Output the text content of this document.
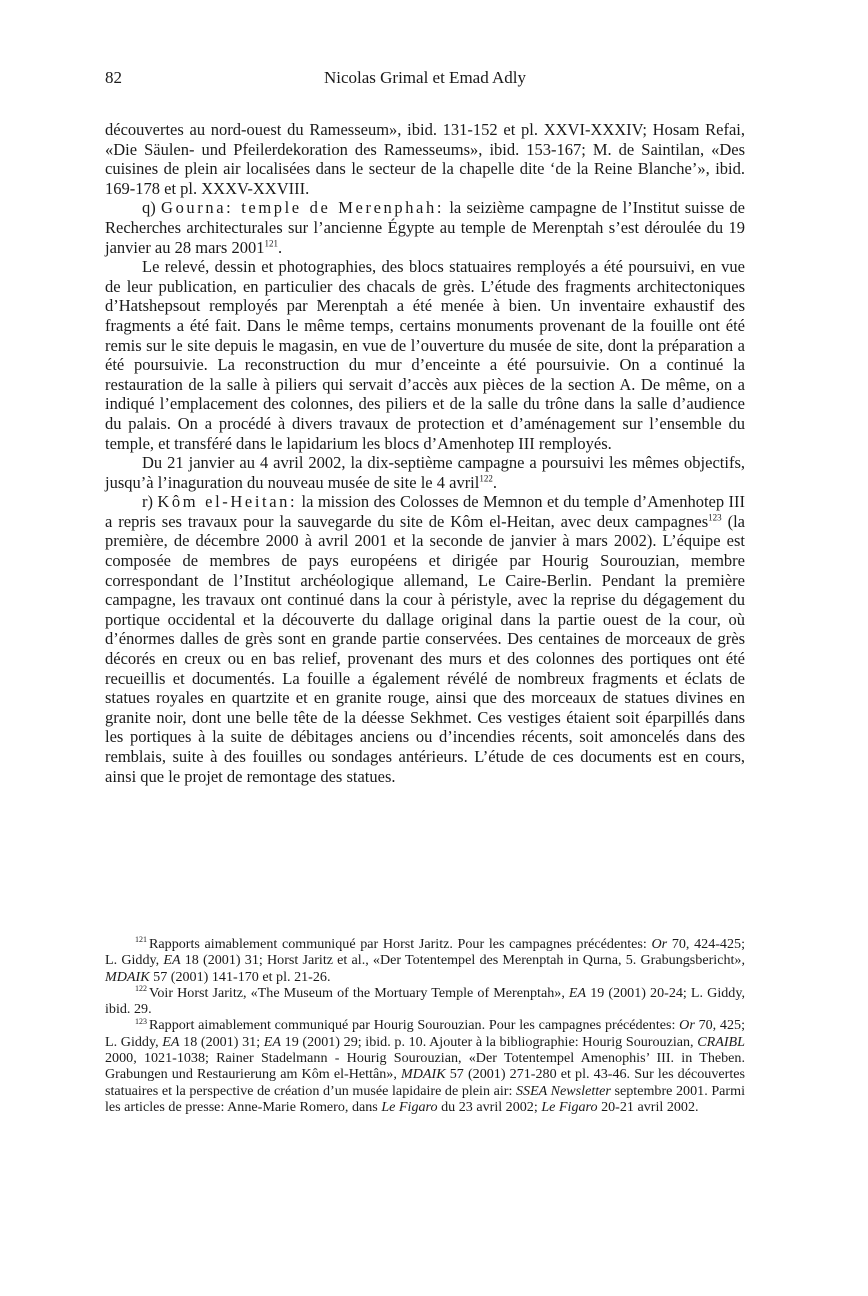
82	Nicolas Grimal et Emad Adly

découvertes au nord-ouest du Ramesseum», ibid. 131-152 et pl. XXVI-XXXIV; Hosam Refai, «Die Säulen- und Pfeilerdekoration des Ramesseums», ibid. 153-167; M. de Saintilan, «Des cuisines de plein air localisées dans le secteur de la chapelle dite ‘de la Reine Blanche’», ibid. 169-178 et pl. XXXV-XXVIII.

q) Gourna: temple de Merenphah: la seizième campagne de l’Institut suisse de Recherches architecturales sur l’ancienne Égypte au temple de Merenptah s’est déroulée du 19 janvier au 28 mars 2001$^{121}$.

Le relevé, dessin et photographies, des blocs statuaires remployés a été poursuivi, en vue de leur publication, en particulier des chacals de grès. L’étude des fragments architectoniques d’Hatshepsout remployés par Merenptah a été menée à bien. Un inventaire exhaustif des fragments a été fait. Dans le même temps, certains monuments provenant de la fouille ont été remis sur le site depuis le magasin, en vue de l’ouverture du musée de site, dont la préparation a été poursuivie. La reconstruction du mur d’enceinte a été poursuivie. On a continué la restauration de la salle à piliers qui servait d’accès aux pièces de la section A. De même, on a indiqué l’emplacement des colonnes, des piliers et de la salle du trône dans la salle d’audience du palais. On a procédé à divers travaux de protection et d’aménagement sur l’ensemble du temple, et transféré dans le lapidarium les blocs d’Amenhotep III remployés.

Du 21 janvier au 4 avril 2002, la dix-septième campagne a poursuivi les mêmes objectifs, jusqu’à l’inaguration du nouveau musée de site le 4 avril$^{122}$.

r) Kôm el-Heitan: la mission des Colosses de Memnon et du temple d’Amenhotep III a repris ses travaux pour la sauvegarde du site de Kôm el-Heitan, avec deux campagnes$^{123}$ (la première, de décembre 2000 à avril 2001 et la seconde de janvier à mars 2002). L’équipe est composée de membres de pays européens et dirigée par Hourig Sourouzian, membre correspondant de l’Institut archéologique allemand, Le Caire-Berlin. Pendant la première campagne, les travaux ont continué dans la cour à péristyle, avec la reprise du dégagement du portique occidental et la découverte du dallage original dans la partie ouest de la cour, où d’énormes dalles de grès sont en grande partie conservées. Des centaines de morceaux de grès décorés en creux ou en bas relief, provenant des murs et des colonnes des portiques ont été recueillis et documentés. La fouille a également révélé de nombreux fragments et éclats de statues royales en quartzite et en granite rouge, ainsi que des morceaux de statues divines en granite noir, dont une belle tête de la déesse Sekhmet. Ces vestiges étaient soit éparpillés dans les portiques à la suite de débitages anciens ou d’incendies récents, soit amoncelés dans des remblais, suite à des fouilles ou sondages antérieurs. L’étude de ces documents est en cours, ainsi que le projet de remontage des statues.

$^{121}$ Rapports aimablement communiqué par Horst Jaritz. Pour les campagnes précédentes: Or 70, 424-425; L. Giddy, EA 18 (2001) 31; Horst Jaritz et al., «Der Totentempel des Merenptah in Qurna, 5. Grabungsbericht», MDAIK 57 (2001) 141-170 et pl. 21-26.

$^{122}$ Voir Horst Jaritz, «The Museum of the Mortuary Temple of Merenptah», EA 19 (2001) 20-24; L. Giddy, ibid. 29.

$^{123}$ Rapport aimablement communiqué par Hourig Sourouzian. Pour les campagnes précédentes: Or 70, 425; L. Giddy, EA 18 (2001) 31; EA 19 (2001) 29; ibid. p. 10. Ajouter à la bibliographie: Hourig Sourouzian, CRAIBL 2000, 1021-1038; Rainer Stadelmann - Hourig Sourouzian, «Der Totentempel Amenophis’ III. in Theben. Grabungen und Restaurierung am Kôm el-Hettân», MDAIK 57 (2001) 271-280 et pl. 43-46. Sur les découvertes statuaires et la perspective de création d’un musée lapidaire de plein air: SSEA Newsletter septembre 2001. Parmi les articles de presse: Anne-Marie Romero, dans Le Figaro du 23 avril 2002; Le Figaro 20-21 avril 2002.
